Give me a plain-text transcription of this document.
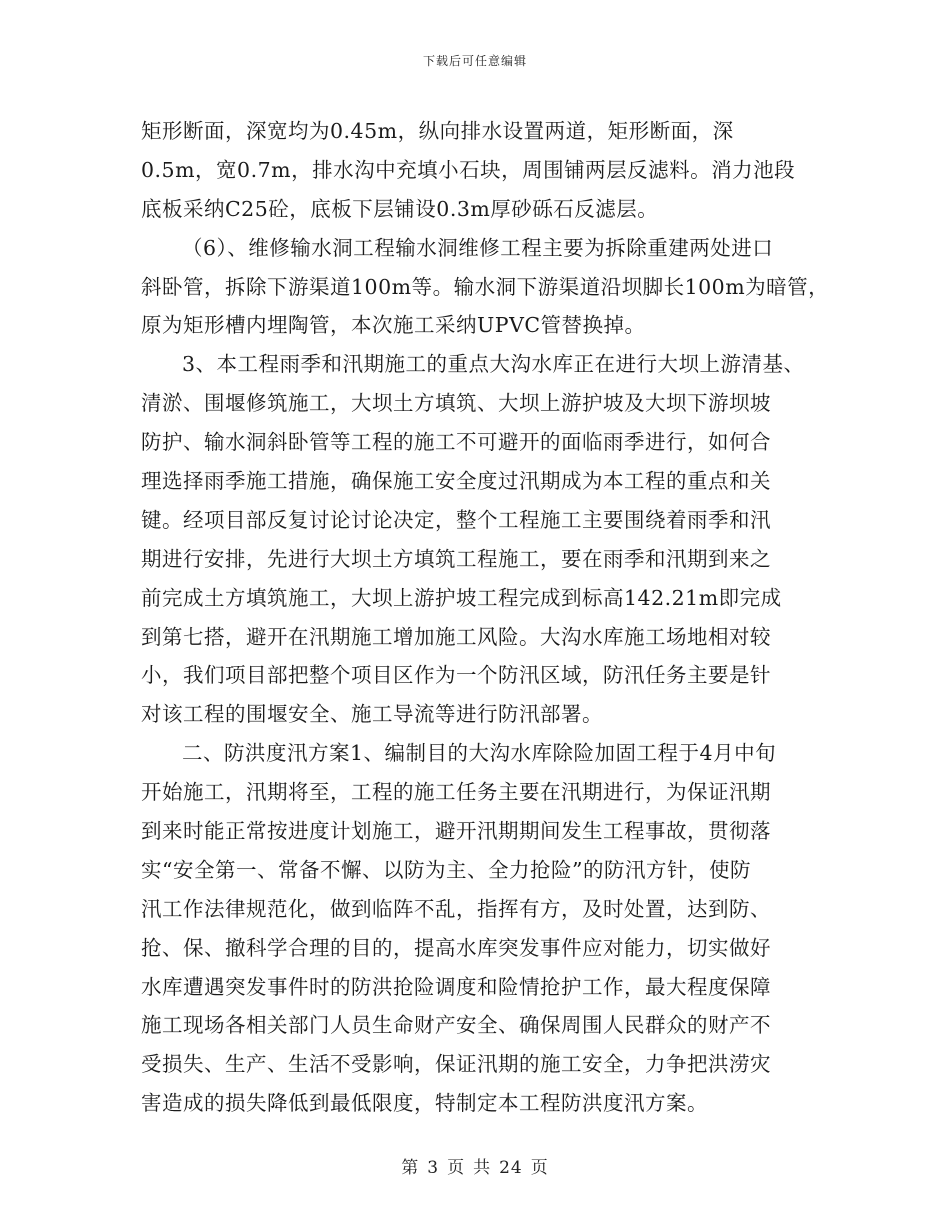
下载后可任意编辑
矩形断面，深宽均为0.45m，纵向排水设置两道，矩形断面，深
0.5m，宽0.7m，排水沟中充填小石块，周围铺两层反滤料。消力池段
底板采纳C25砼，底板下层铺设0.3m厚砂砾石反滤层。
（6）、维修输水洞工程输水洞维修工程主要为拆除重建两处进口
斜卧管，拆除下游渠道100m等。输水洞下游渠道沿坝脚长100m为暗管，
原为矩形槽内埋陶管，本次施工采纳UPVC管替换掉。
3、本工程雨季和汛期施工的重点大沟水库正在进行大坝上游清基、
清淤、围堰修筑施工，大坝土方填筑、大坝上游护坡及大坝下游坝坡
防护、输水洞斜卧管等工程的施工不可避开的面临雨季进行，如何合
理选择雨季施工措施，确保施工安全度过汛期成为本工程的重点和关
键。经项目部反复讨论讨论决定，整个工程施工主要围绕着雨季和汛
期进行安排，先进行大坝土方填筑工程施工，要在雨季和汛期到来之
前完成土方填筑施工，大坝上游护坡工程完成到标高142.21m即完成
到第七搭，避开在汛期施工增加施工风险。大沟水库施工场地相对较
小，我们项目部把整个项目区作为一个防汛区域，防汛任务主要是针
对该工程的围堰安全、施工导流等进行防汛部署。
二、防洪度汛方案1、编制目的大沟水库除险加固工程于4月中旬
开始施工，汛期将至，工程的施工任务主要在汛期进行，为保证汛期
到来时能正常按进度计划施工，避开汛期期间发生工程事故，贯彻落
实“安全第一、常备不懈、以防为主、全力抢险”的防汛方针，使防
汛工作法律规范化，做到临阵不乱，指挥有方，及时处置，达到防、
抢、保、撤科学合理的目的，提高水库突发事件应对能力，切实做好
水库遭遇突发事件时的防洪抢险调度和险情抢护工作，最大程度保障
施工现场各相关部门人员生命财产安全、确保周围人民群众的财产不
受损失、生产、生活不受影响，保证汛期的施工安全，力争把洪涝灾
害造成的损失降低到最低限度，特制定本工程防洪度汛方案。
第 3 页 共 24 页
